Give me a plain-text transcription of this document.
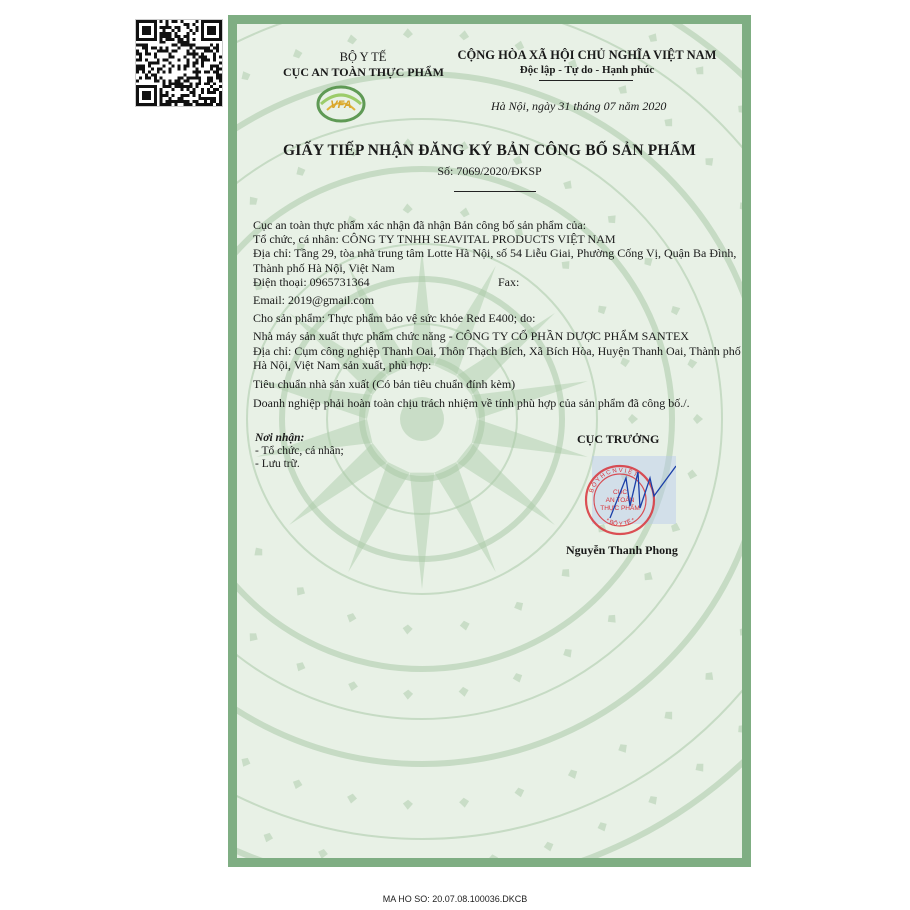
BỘ Y TẾ
CỤC AN TOÀN THỰC PHẨM
VFA
CỘNG HÒA XÃ HỘI CHỦ NGHĨA VIỆT NAM
Độc lập - Tự do - Hạnh phúc
Hà Nội, ngày 31 tháng 07 năm 2020
GIẤY TIẾP NHẬN ĐĂNG KÝ BẢN CÔNG BỐ SẢN PHẨM
Số: 7069/2020/ĐKSP

Cục an toàn thực phẩm xác nhận đã nhận Bản công bố sản phẩm của:

Tổ chức, cá nhân: CÔNG TY TNHH SEAVITAL PRODUCTS VIỆT NAM

Địa chỉ: Tầng 29, tòa nhà trung tâm Lotte Hà Nội, số 54 Liễu Giai, Phường Cống Vị, Quận Ba Đình, Thành phố Hà Nội, Việt Nam

Điện thoại: 0965731364	Fax:

Email: 2019@gmail.com

Cho sản phẩm: Thực phẩm bảo vệ sức khỏe Red E400; do:

Nhà máy sản xuất thực phẩm chức năng - CÔNG TY CỔ PHẦN DƯỢC PHẨM SANTEX

Địa chỉ: Cụm công nghiệp Thanh Oai, Thôn Thạch Bích, Xã Bích Hòa, Huyện Thanh Oai, Thành phố Hà Nội, Việt Nam sản xuất, phù hợp:

Tiêu chuẩn nhà sản xuất (Có bản tiêu chuẩn đính kèm)

Doanh nghiệp phải hoàn toàn chịu trách nhiệm về tính phù hợp của sản phẩm đã công bố./.

Nơi nhận:
- Tổ chức, cá nhân;
- Lưu trữ.
CỤC TRƯỞNG
B Ộ Y H C N V I Ệ T
* BỘ Y TẾ *
CỤC
AN TOÀN
THỰC PHẨM
Nguyễn Thanh Phong
MA HO SO: 20.07.08.100036.DKCB
